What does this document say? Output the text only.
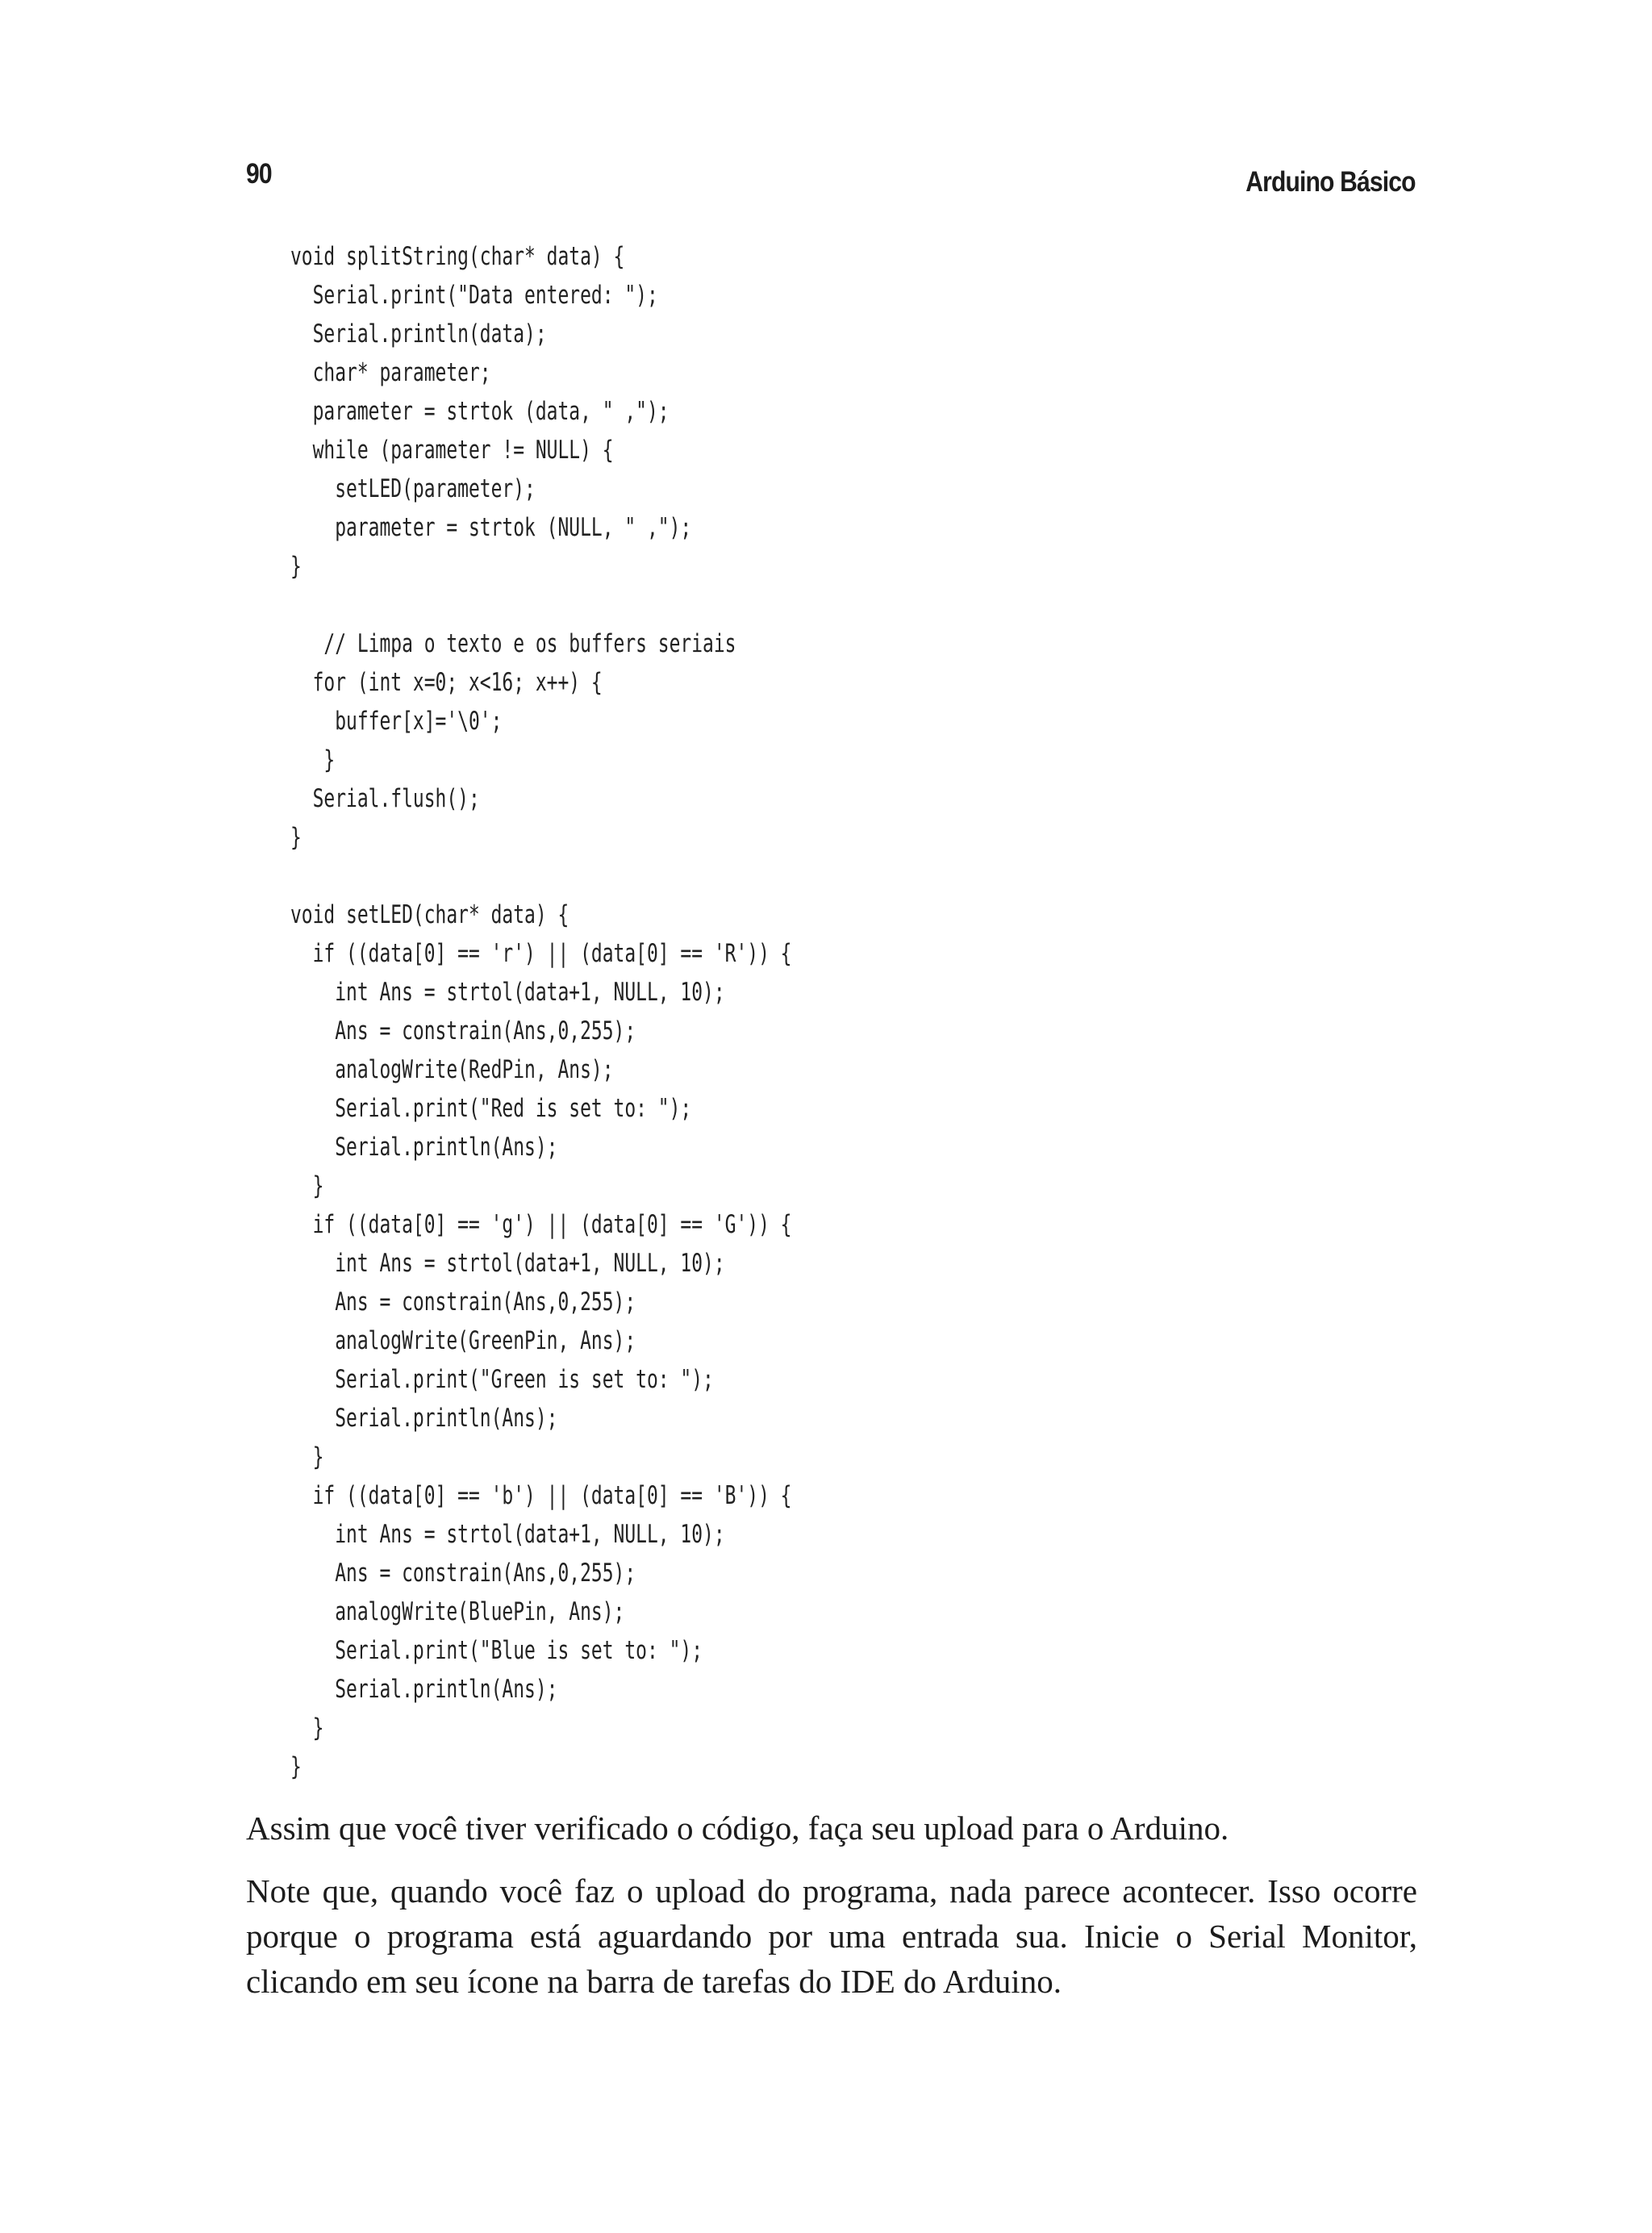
90	Arduino Básico
void splitString(char* data) {
Serial.print("Data entered: ");
Serial.println(data);
char* parameter;
parameter = strtok (data, " ,");
while (parameter != NULL) {
setLED(parameter);
parameter = strtok (NULL, " ,");
}
// Limpa o texto e os buffers seriais
for (int x=0; x<16; x++) {
buffer[x]='\0';
}
Serial.flush();
}
void setLED(char* data) {
if ((data[0] == 'r') || (data[0] == 'R')) {
int Ans = strtol(data+1, NULL, 10);
Ans = constrain(Ans,0,255);
analogWrite(RedPin, Ans);
Serial.print("Red is set to: ");
Serial.println(Ans);
}
if ((data[0] == 'g') || (data[0] == 'G')) {
int Ans = strtol(data+1, NULL, 10);
Ans = constrain(Ans,0,255);
analogWrite(GreenPin, Ans);
Serial.print("Green is set to: ");
Serial.println(Ans);
}
if ((data[0] == 'b') || (data[0] == 'B')) {
int Ans = strtol(data+1, NULL, 10);
Ans = constrain(Ans,0,255);
analogWrite(BluePin, Ans);
Serial.print("Blue is set to: ");
Serial.println(Ans);
}
}

Assim que você tiver verificado o código, faça seu upload para o Arduino.

Note que, quando você faz o upload do programa, nada parece acontecer. Isso ocorre porque o programa está aguardando por uma entrada sua. Inicie o Serial Monitor, clicando em seu ícone na barra de tarefas do IDE do Arduino.
